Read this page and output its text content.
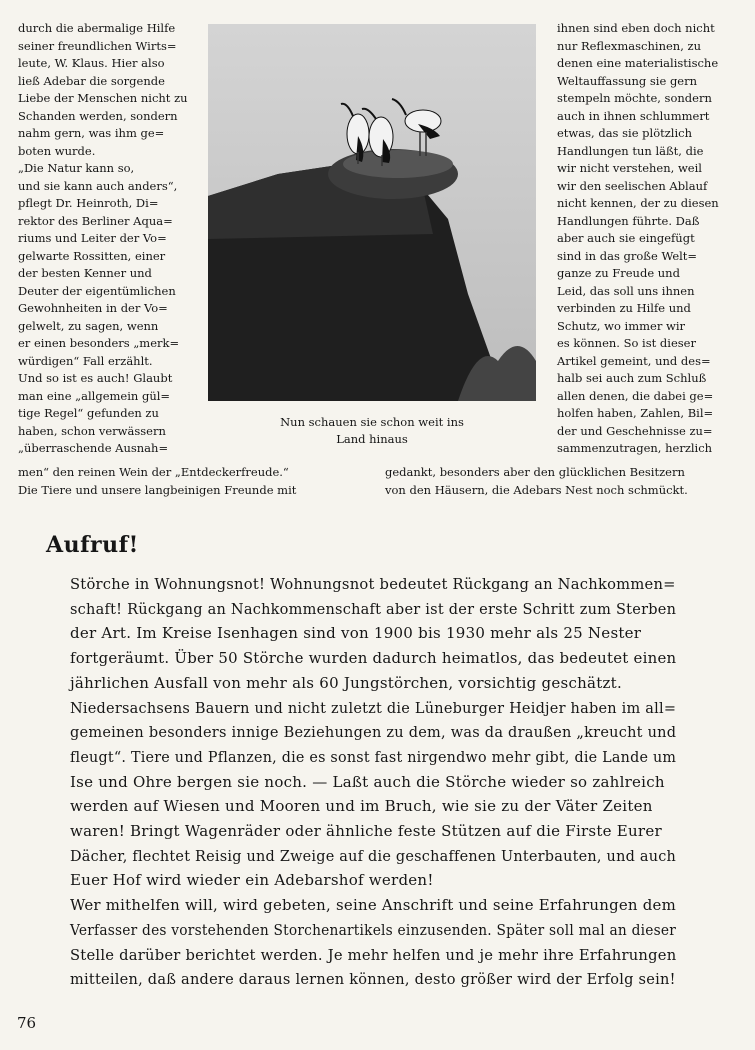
durch die abermalige Hilfe
seiner freundlichen Wirts=
leute, W. Klaus. Hier also
ließ Adebar die sorgende
Liebe der Menschen nicht zu
Schanden werden, sondern
nahm gern, was ihm ge=
boten wurde.
„Die Natur kann so,
und sie kann auch anders“,
pflegt Dr. Heinroth, Di=
rektor des Berliner Aqua=
riums und Leiter der Vo=
gelwarte Rossitten, einer
der besten Kenner und
Deuter der eigentümlichen
Gewohnheiten in der Vo=
gelwelt, zu sagen, wenn
er einen besonders „merk=
würdigen“ Fall erzählt.
Und so ist es auch! Glaubt
man eine „allgemein gül=
tige Regel“ gefunden zu
haben, schon verwässern
„überraschende Ausnah=
ihnen sind eben doch nicht
nur Reflexmaschinen, zu
denen eine materialistische
Weltauffassung sie gern
stempeln möchte, sondern
auch in ihnen schlummert
etwas, das sie plötzlich
Handlungen tun läßt, die
wir nicht verstehen, weil
wir den seelischen Ablauf
nicht kennen, der zu diesen
Handlungen führte. Daß
aber auch sie eingefügt
sind in das große Welt=
ganze zu Freude und
Leid, das soll uns ihnen
verbinden zu Hilfe und
Schutz, wo immer wir
es können. So ist dieser
Artikel gemeint, und des=
halb sei auch zum Schluß
allen denen, die dabei ge=
holfen haben, Zahlen, Bil=
der und Geschehnisse zu=
sammenzutragen, herzlich
Nun schauen sie schon weit ins
Land hinaus
men“ den reinen Wein der „Entdeckerfreude.“
Die Tiere und unsere langbeinigen Freunde mit
gedankt, besonders aber den glücklichen Besitzern
von den Häusern, die Adebars Nest noch schmückt.
Aufruf!
Störche in Wohnungsnot! Wohnungsnot bedeutet Rückgang an Nachkommen=
schaft! Rückgang an Nachkommenschaft aber ist der erste Schritt zum Sterben
der Art. Im Kreise Isenhagen sind von 1900 bis 1930 mehr als 25 Nester
fortgeräumt. Über 50 Störche wurden dadurch heimatlos, das bedeutet einen
jährlichen Ausfall von mehr als 60 Jungstörchen, vorsichtig geschätzt.
Niedersachsens Bauern und nicht zuletzt die Lüneburger Heidjer haben im all=
gemeinen besonders innige Beziehungen zu dem, was da draußen „kreucht und
fleugt“. Tiere und Pflanzen, die es sonst fast nirgendwo mehr gibt, die Lande um
Ise und Ohre bergen sie noch. — Laßt auch die Störche wieder so zahlreich
werden auf Wiesen und Mooren und im Bruch, wie sie zu der Väter Zeiten
waren! Bringt Wagenräder oder ähnliche feste Stützen auf die Firste Eurer
Dächer, flechtet Reisig und Zweige auf die geschaffenen Unterbauten, und auch
Euer Hof wird wieder ein Adebarshof werden!
Wer mithelfen will, wird gebeten, seine Anschrift und seine Erfahrungen dem
Verfasser des vorstehenden Storchenartikels einzusenden. Später soll mal an dieser
Stelle darüber berichtet werden. Je mehr helfen und je mehr ihre Erfahrungen
mitteilen, daß andere daraus lernen können, desto größer wird der Erfolg sein!
76
